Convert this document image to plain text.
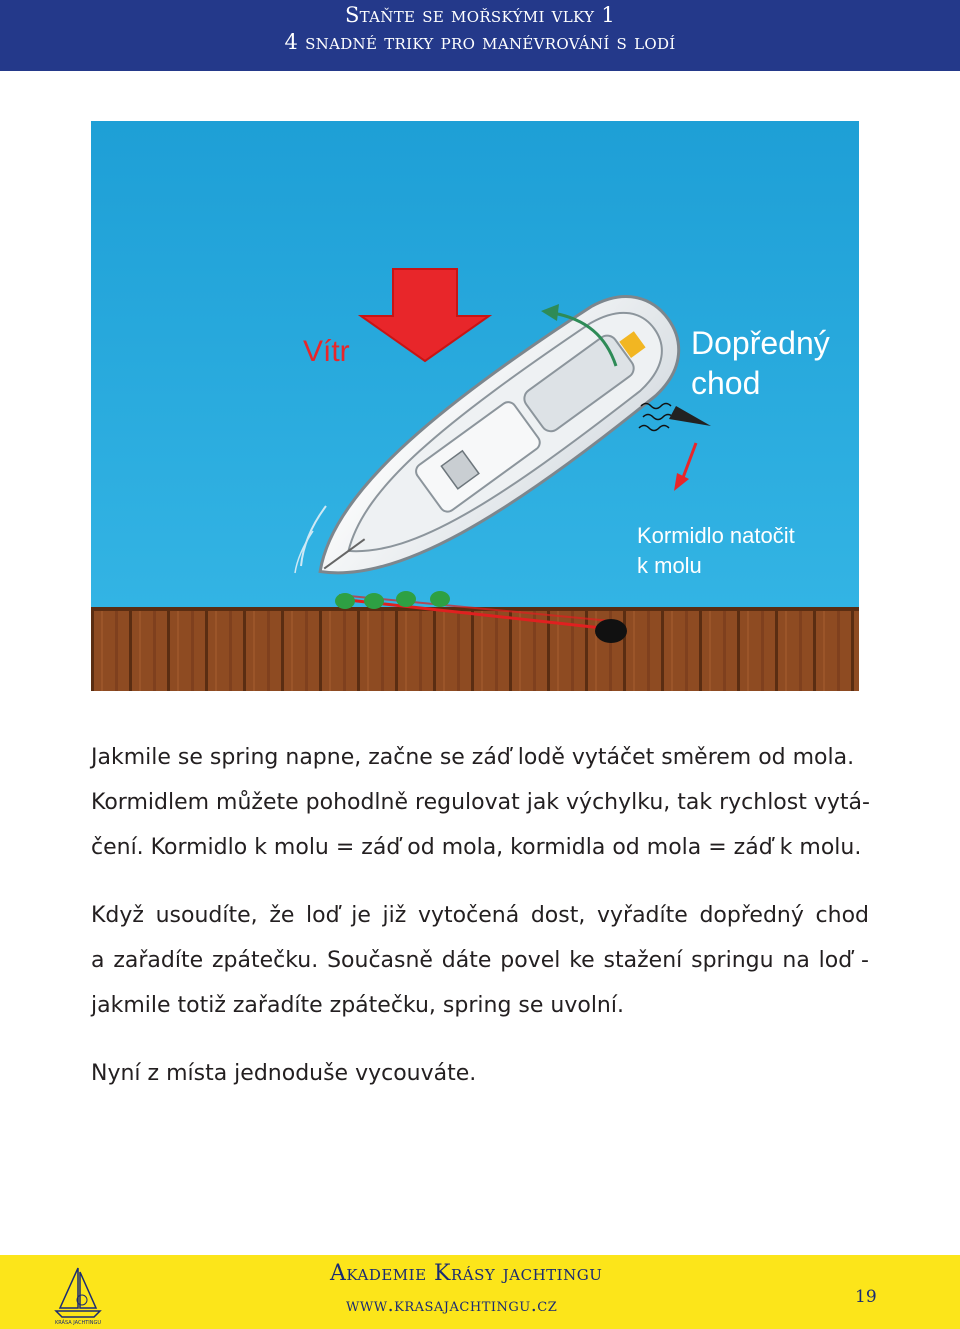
Staňte se mořskými vlky 1
4 snadné triky pro manévrování s lodí
Vítr	Dopředný
chod
Kormidlo natočit
k molu
Jakmile se spring napne, začne se záď lodě vytáčet směrem od mola.
Kormidlem můžete pohodlně regulovat jak výchylku, tak rychlost vytá-
čení. Kormidlo k molu = záď od mola, kormidla od mola = záď k molu.
Když usoudíte, že loď je již vytočená dost, vyřadíte dopředný chod
a zařadíte zpátečku. Současně dáte povel ke stažení springu na loď -
jakmile totiž zařadíte zpátečku, spring se uvolní.
Nyní z místa jednoduše vycouváte.
KRÁSA JACHTINGU
Akademie Krásy jachtingu
www.krasajachtingu.cz	19
